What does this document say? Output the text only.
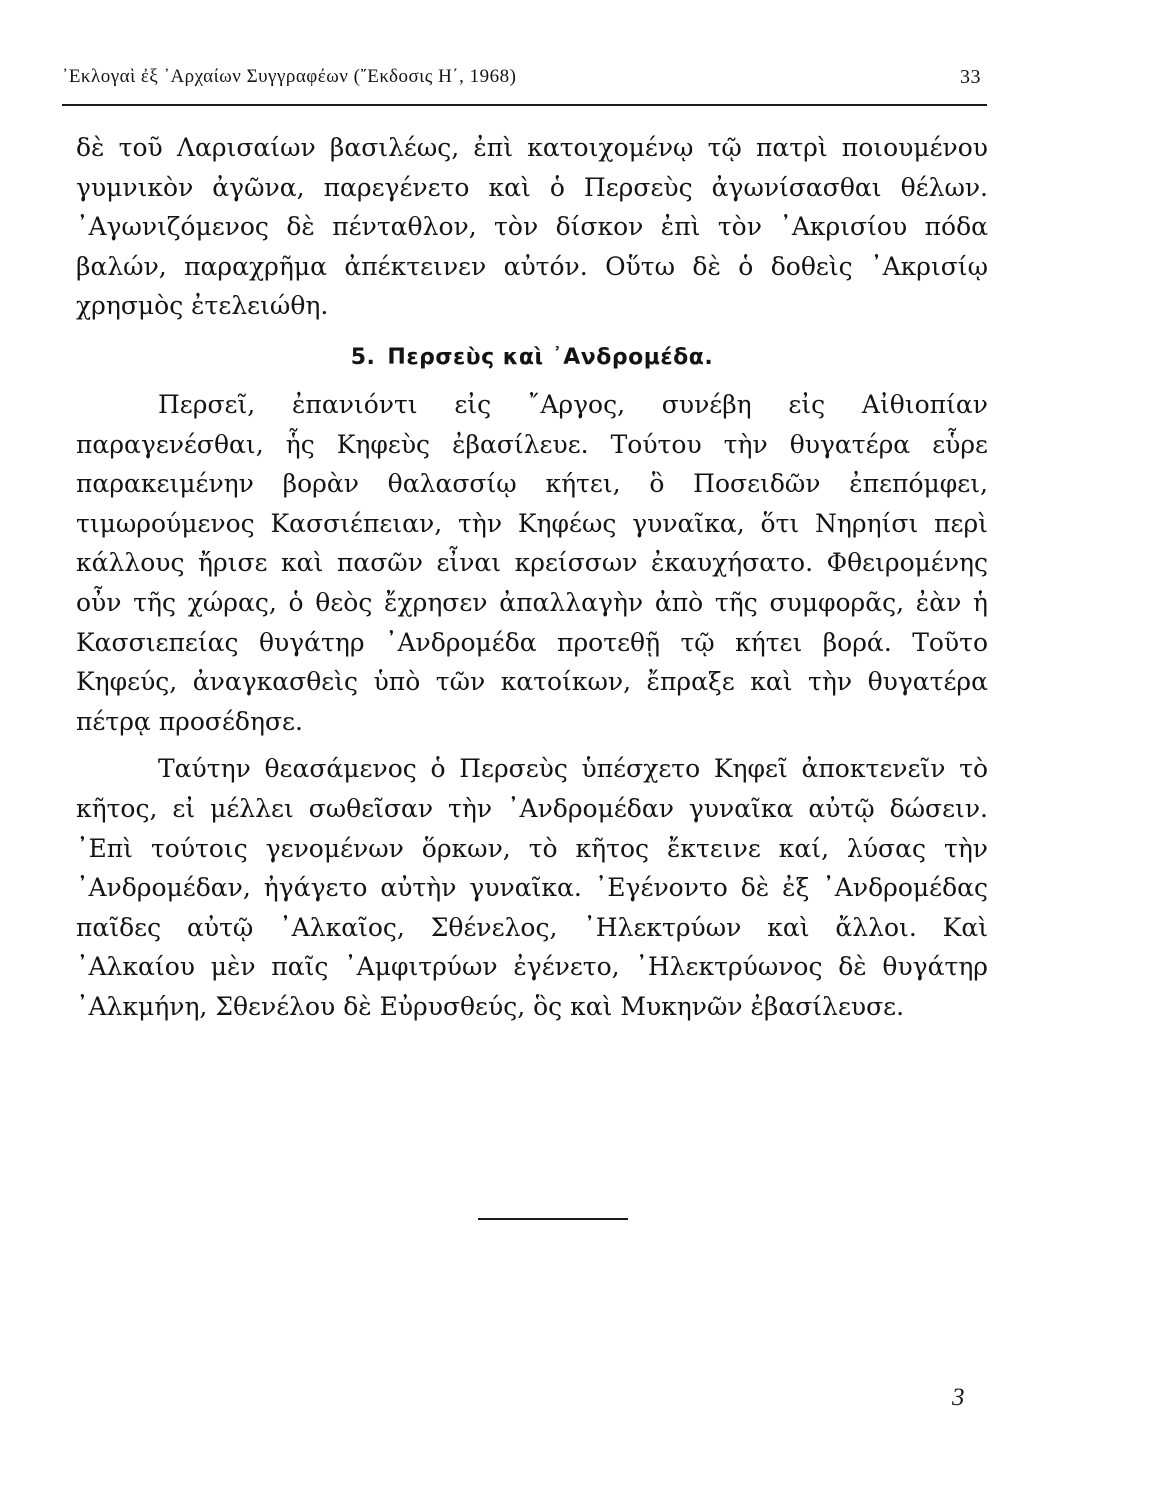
᾿Εκλογαὶ ἐξ ᾿Αρχαίων Συγγραφέων (῎Εκδοσις Η΄, 1968)	33

δὲ τοῦ Λαρισαίων βασιλέως, ἐπὶ κατοιχομένῳ τῷ πατρὶ ποιουμένου γυμνικὸν ἀγῶνα, παρεγένετο καὶ ὁ Περσεὺς ἀγωνίσασθαι θέλων. ᾿Αγωνιζόμενος δὲ πένταθλον, τὸν δίσκον ἐπὶ τὸν ᾿Ακρισίου πόδα βαλών, παραχρῆμα ἀπέκτεινεν αὐτόν. Οὕτω δὲ ὁ δοθεὶς ᾿Ακρισίῳ χρησμὸς ἐτελειώθη.

5. Περσεὺς καὶ ᾿Ανδρομέδα.

Περσεῖ, ἐπανιόντι εἰς ῎Αργος, συνέβη εἰς Αἰθιοπίαν παραγενέσθαι, ἧς Κηφεὺς ἐβασίλευε. Τούτου τὴν θυγατέρα εὗρε παρακειμένην βορὰν θαλασσίῳ κήτει, ὃ Ποσειδῶν ἐπεπόμφει, τιμωρούμενος Κασσιέπειαν, τὴν Κηφέως γυναῖκα, ὅτι Νηρηίσι περὶ κάλλους ἤρισε καὶ πασῶν εἶναι κρείσσων ἐκαυχήσατο. Φθειρομένης οὖν τῆς χώρας, ὁ θεὸς ἔχρησεν ἀπαλλαγὴν ἀπὸ τῆς συμφορᾶς, ἐὰν ἡ Κασσιεπείας θυγάτηρ ᾿Ανδρομέδα προτεθῇ τῷ κήτει βορά. Τοῦτο Κηφεύς, ἀναγκασθεὶς ὑπὸ τῶν κατοίκων, ἔπραξε καὶ τὴν θυγατέρα πέτρᾳ προσέδησε.

Ταύτην θεασάμενος ὁ Περσεὺς ὑπέσχετο Κηφεῖ ἀποκτενεῖν τὸ κῆτος, εἰ μέλλει σωθεῖσαν τὴν ᾿Ανδρομέδαν γυναῖκα αὐτῷ δώσειν. ᾿Επὶ τούτοις γενομένων ὅρκων, τὸ κῆτος ἔκτεινε καί, λύσας τὴν ᾿Ανδρομέδαν, ἠγάγετο αὐτὴν γυναῖκα. ᾿Εγένοντο δὲ ἐξ ᾿Ανδρομέδας παῖδες αὐτῷ ᾿Αλκαῖος, Σθένελος, ᾿Ηλεκτρύων καὶ ἄλλοι. Καὶ ᾿Αλκαίου μὲν παῖς ᾿Αμφιτρύων ἐγένετο, ᾿Ηλεκτρύωνος δὲ θυγάτηρ ᾿Αλκμήνη, Σθενέλου δὲ Εὐρυσθεύς, ὃς καὶ Μυκηνῶν ἐβασίλευσε.

3
